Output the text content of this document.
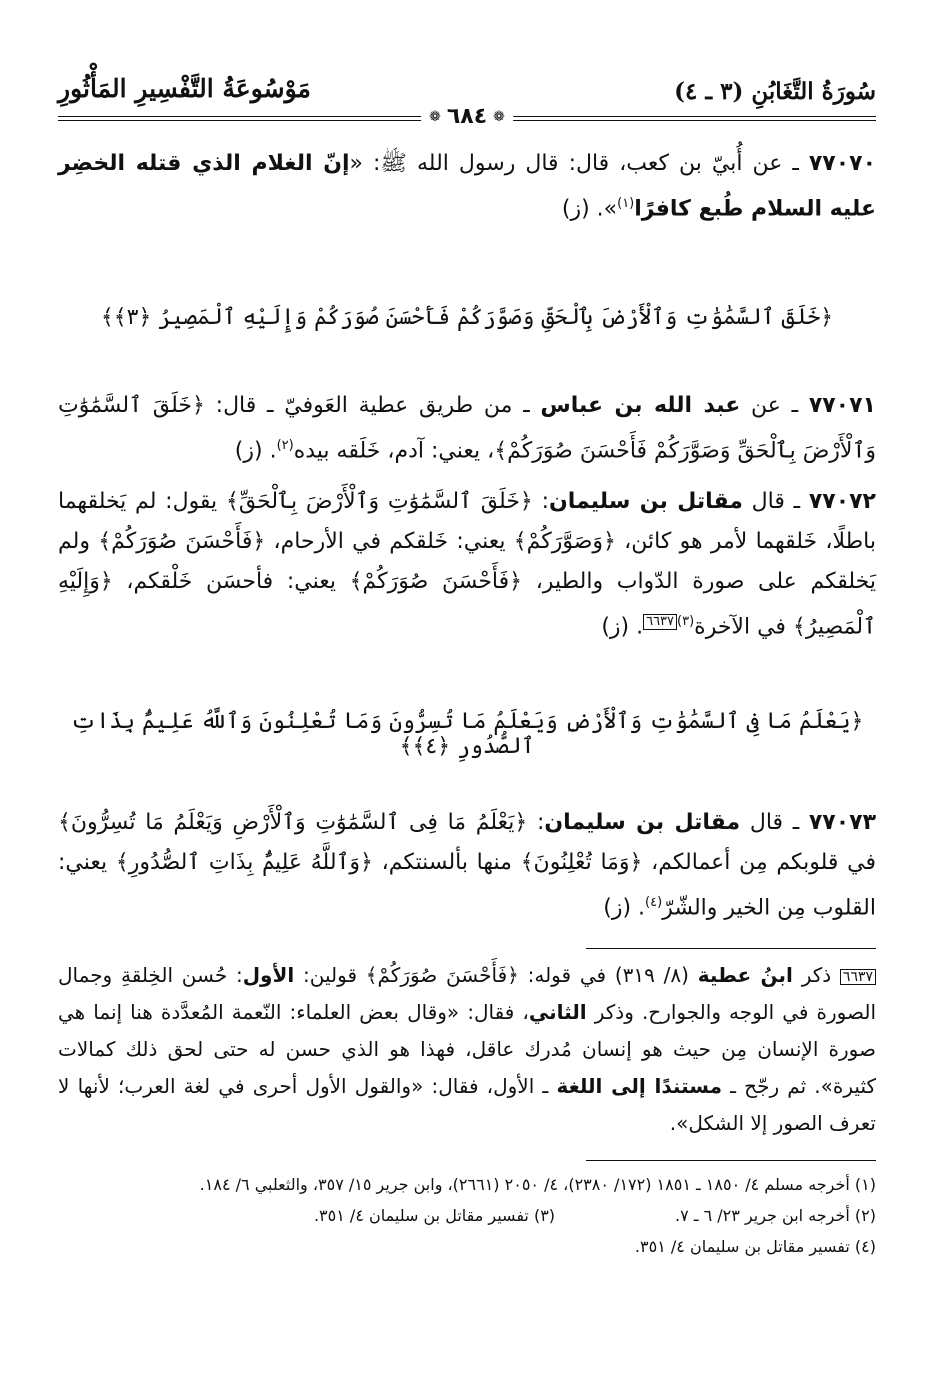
سُورَةُ التَّغَابُنِ (٣ ـ ٤)
مَوْسُوعَةُ التَّفْسِيرِ المَأْثُورِ
❁
٦٨٤
❁

٧٧٠٧٠ ـ عن أُبيّ بن كعب، قال: قال رسول الله ﷺ: «إنّ الغلام الذي قتله الخضِر عليه السلام طُبع كافرًا$^{(١)}$». (ز)

﴿خَلَقَ ٱلسَّمَٰوَٰتِ وَٱلْأَرْضَ بِٱلْحَقِّ وَصَوَّرَكُمْ فَأَحْسَنَ صُوَرَكُمْ وَإِلَيْهِ ٱلْمَصِيرُ ﴿٣﴾﴾

٧٧٠٧١ ـ عن عبد الله بن عباس ـ من طريق عطية العَوفيّ ـ قال: ﴿خَلَقَ ٱلسَّمَٰوَٰتِ وَٱلْأَرْضَ بِٱلْحَقِّ وَصَوَّرَكُمْ فَأَحْسَنَ صُوَرَكُمْ﴾، يعني: آدم، خَلَقه بيده$^{(٢)}$. (ز)

٧٧٠٧٢ ـ قال مقاتل بن سليمان: ﴿خَلَقَ ٱلسَّمَٰوَٰتِ وَٱلْأَرْضَ بِٱلْحَقِّ﴾ يقول: لم يَخلقهما باطلًا، خَلقهما لأمر هو كائن، ﴿وَصَوَّرَكُمْ﴾ يعني: خَلقكم في الأرحام، ﴿فَأَحْسَنَ صُوَرَكُمْ﴾ ولم يَخلقكم على صورة الدّواب والطير، ﴿فَأَحْسَنَ صُوَرَكُمْ﴾ يعني: فأحسَن خَلْقكم، ﴿وَإِلَيْهِ ٱلْمَصِيرُ﴾ في الآخرة$^{(٣)}$٦٦٣٧. (ز)

﴿يَعْلَمُ مَا فِى ٱلسَّمَٰوَٰتِ وَٱلْأَرْضِ وَيَعْلَمُ مَا تُسِرُّونَ وَمَا تُعْلِنُونَ وَٱللَّهُ عَلِيمٌۢ بِذَاتِ ٱلصُّدُورِ ﴿٤﴾﴾

٧٧٠٧٣ ـ قال مقاتل بن سليمان: ﴿يَعْلَمُ مَا فِى ٱلسَّمَٰوَٰتِ وَٱلْأَرْضِ وَيَعْلَمُ مَا تُسِرُّونَ﴾ في قلوبكم مِن أعمالكم، ﴿وَمَا تُعْلِنُونَ﴾ منها بألسنتكم، ﴿وَٱللَّهُ عَلِيمٌۢ بِذَاتِ ٱلصُّدُورِ﴾ يعني: القلوب مِن الخير والشّرّ$^{(٤)}$. (ز)

٦٦٣٧ ذكر ابنُ عطية (٨/ ٣١٩) في قوله: ﴿فَأَحْسَنَ صُوَرَكُمْ﴾ قولين: الأول: حُسن الخِلقةِ وجمال الصورة في الوجه والجوارح. وذكر الثاني، فقال: «وقال بعض العلماء: النّعمة المُعدَّدة هنا إنما هي صورة الإنسان مِن حيث هو إنسان مُدرك عاقل، فهذا هو الذي حسن له حتى لحق ذلك كمالات كثيرة». ثم رجّح ـ مستندًا إلى اللغة ـ الأول، فقال: «والقول الأول أحرى في لغة العرب؛ لأنها لا تعرف الصور إلا الشكل».

(١) أخرجه مسلم ٤/ ١٨٥٠ ـ ١٨٥١ (١٧٢/ ٢٣٨٠)، ٤/ ٢٠٥٠ (٢٦٦١)، وابن جرير ١٥/ ٣٥٧، والثعلبي ٦/ ١٨٤.
(٢) أخرجه ابن جرير ٢٣/ ٦ ـ ٧.
(٣) تفسير مقاتل بن سليمان ٤/ ٣٥١.
(٤) تفسير مقاتل بن سليمان ٤/ ٣٥١.
